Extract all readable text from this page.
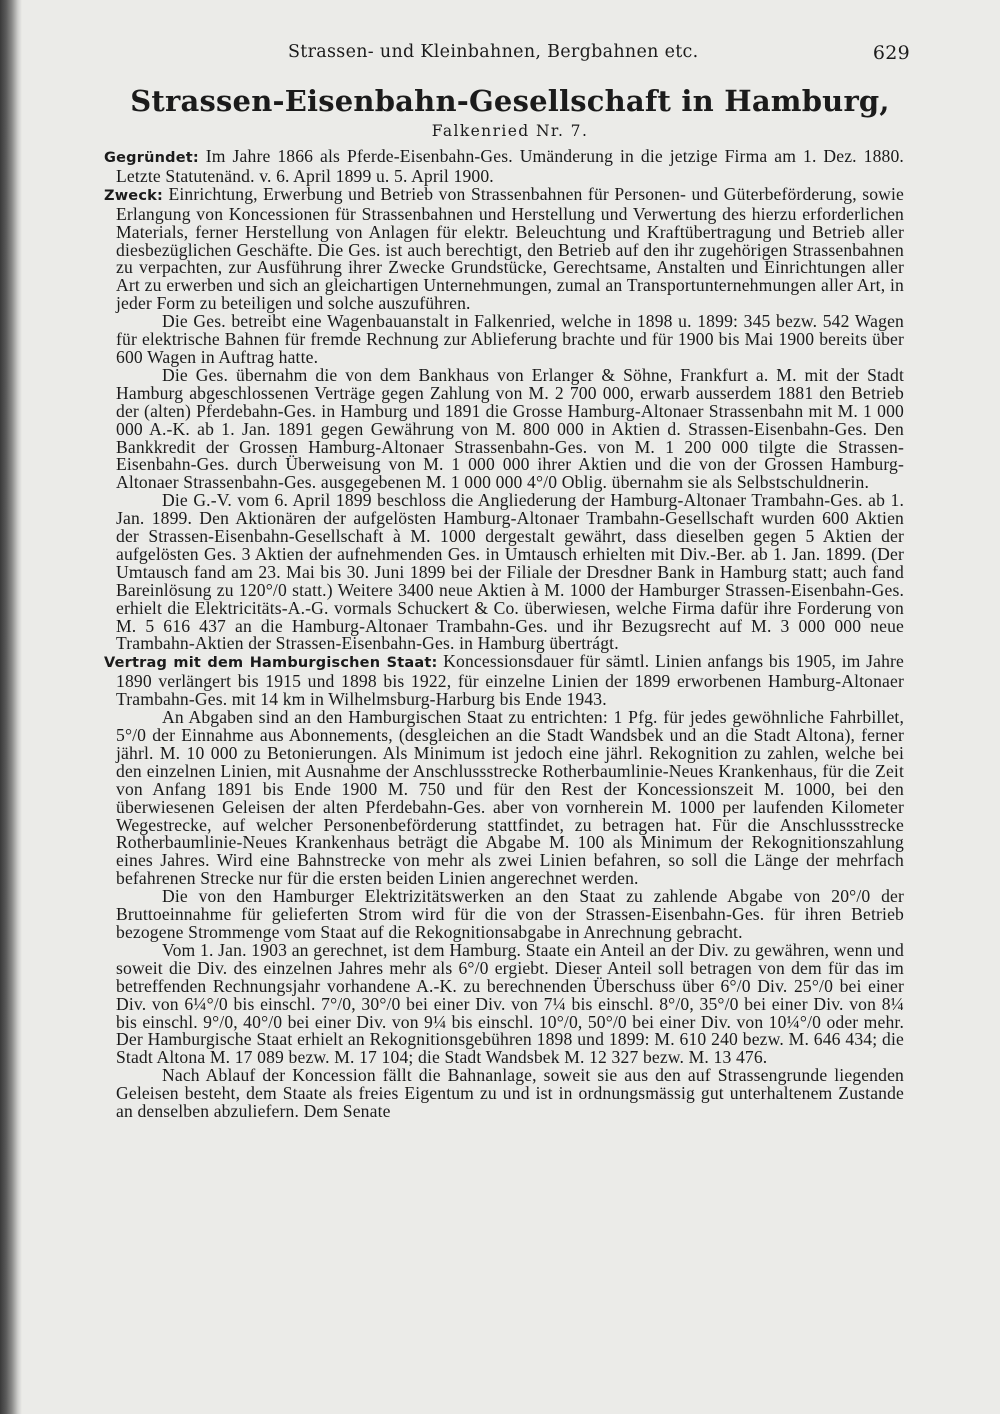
Strassen- und Kleinbahnen, Bergbahnen etc.	629
Strassen-Eisenbahn-Gesellschaft in Hamburg,
Falkenried Nr. 7.

Gegründet: Im Jahre 1866 als Pferde-Eisenbahn-Ges. Umänderung in die jetzige Firma am 1. Dez. 1880. Letzte Statutenänd. v. 6. April 1899 u. 5. April 1900.

Zweck: Einrichtung, Erwerbung und Betrieb von Strassenbahnen für Personen- und Güterbeförderung, sowie Erlangung von Koncessionen für Strassenbahnen und Herstellung und Verwertung des hierzu erforderlichen Materials, ferner Herstellung von Anlagen für elektr. Beleuchtung und Kraftübertragung und Betrieb aller diesbezüglichen Geschäfte. Die Ges. ist auch berechtigt, den Betrieb auf den ihr zugehörigen Strassenbahnen zu verpachten, zur Ausführung ihrer Zwecke Grundstücke, Gerechtsame, Anstalten und Einrichtungen aller Art zu erwerben und sich an gleichartigen Unternehmungen, zumal an Transportunternehmungen aller Art, in jeder Form zu beteiligen und solche auszuführen.

Die Ges. betreibt eine Wagenbauanstalt in Falkenried, welche in 1898 u. 1899: 345 bezw. 542 Wagen für elektrische Bahnen für fremde Rechnung zur Ablieferung brachte und für 1900 bis Mai 1900 bereits über 600 Wagen in Auftrag hatte.

Die Ges. übernahm die von dem Bankhaus von Erlanger & Söhne, Frankfurt a. M. mit der Stadt Hamburg abgeschlossenen Verträge gegen Zahlung von M. 2 700 000, erwarb ausserdem 1881 den Betrieb der (alten) Pferdebahn-Ges. in Hamburg und 1891 die Grosse Hamburg-Altonaer Strassenbahn mit M. 1 000 000 A.-K. ab 1. Jan. 1891 gegen Gewährung von M. 800 000 in Aktien d. Strassen-Eisenbahn-Ges. Den Bankkredit der Grossen Hamburg-Altonaer Strassenbahn-Ges. von M. 1 200 000 tilgte die Strassen-Eisenbahn-Ges. durch Überweisung von M. 1 000 000 ihrer Aktien und die von der Grossen Hamburg-Altonaer Strassenbahn-Ges. ausgegebenen M. 1 000 000 4°/0 Oblig. übernahm sie als Selbstschuldnerin.

Die G.-V. vom 6. April 1899 beschloss die Angliederung der Hamburg-Altonaer Trambahn-Ges. ab 1. Jan. 1899. Den Aktionären der aufgelösten Hamburg-Altonaer Trambahn-Gesellschaft wurden 600 Aktien der Strassen-Eisenbahn-Gesellschaft à M. 1000 dergestalt gewährt, dass dieselben gegen 5 Aktien der aufgelösten Ges. 3 Aktien der aufnehmenden Ges. in Umtausch erhielten mit Div.-Ber. ab 1. Jan. 1899. (Der Umtausch fand am 23. Mai bis 30. Juni 1899 bei der Filiale der Dresdner Bank in Hamburg statt; auch fand Bareinlösung zu 120°/0 statt.) Weitere 3400 neue Aktien à M. 1000 der Hamburger Strassen-Eisenbahn-Ges. erhielt die Elektricitäts-A.-G. vormals Schuckert & Co. überwiesen, welche Firma dafür ihre Forderung von M. 5 616 437 an die Hamburg-Altonaer Trambahn-Ges. und ihr Bezugsrecht auf M. 3 000 000 neue Trambahn-Aktien der Strassen-Eisenbahn-Ges. in Hamburg übertrágt.

Vertrag mit dem Hamburgischen Staat: Koncessionsdauer für sämtl. Linien anfangs bis 1905, im Jahre 1890 verlängert bis 1915 und 1898 bis 1922, für einzelne Linien der 1899 erworbenen Hamburg-Altonaer Trambahn-Ges. mit 14 km in Wilhelmsburg-Harburg bis Ende 1943.

An Abgaben sind an den Hamburgischen Staat zu entrichten: 1 Pfg. für jedes gewöhnliche Fahrbillet, 5°/0 der Einnahme aus Abonnements, (desgleichen an die Stadt Wandsbek und an die Stadt Altona), ferner jährl. M. 10 000 zu Betonierungen. Als Minimum ist jedoch eine jährl. Rekognition zu zahlen, welche bei den einzelnen Linien, mit Ausnahme der Anschlussstrecke Rotherbaumlinie-Neues Krankenhaus, für die Zeit von Anfang 1891 bis Ende 1900 M. 750 und für den Rest der Koncessionszeit M. 1000, bei den überwiesenen Geleisen der alten Pferdebahn-Ges. aber von vornherein M. 1000 per laufenden Kilometer Wegestrecke, auf welcher Personenbeförderung stattfindet, zu betragen hat. Für die Anschlussstrecke Rotherbaumlinie-Neues Krankenhaus beträgt die Abgabe M. 100 als Minimum der Rekognitionszahlung eines Jahres. Wird eine Bahnstrecke von mehr als zwei Linien befahren, so soll die Länge der mehrfach befahrenen Strecke nur für die ersten beiden Linien angerechnet werden.

Die von den Hamburger Elektrizitätswerken an den Staat zu zahlende Abgabe von 20°/0 der Bruttoeinnahme für gelieferten Strom wird für die von der Strassen-Eisenbahn-Ges. für ihren Betrieb bezogene Strommenge vom Staat auf die Rekognitionsabgabe in Anrechnung gebracht.

Vom 1. Jan. 1903 an gerechnet, ist dem Hamburg. Staate ein Anteil an der Div. zu gewähren, wenn und soweit die Div. des einzelnen Jahres mehr als 6°/0 ergiebt. Dieser Anteil soll betragen von dem für das im betreffenden Rechnungsjahr vorhandene A.-K. zu berechnenden Überschuss über 6°/0 Div. 25°/0 bei einer Div. von 6¼°/0 bis einschl. 7°/0, 30°/0 bei einer Div. von 7¼ bis einschl. 8°/0, 35°/0 bei einer Div. von 8¼ bis einschl. 9°/0, 40°/0 bei einer Div. von 9¼ bis einschl. 10°/0, 50°/0 bei einer Div. von 10¼°/0 oder mehr. Der Hamburgische Staat erhielt an Rekognitionsgebühren 1898 und 1899: M. 610 240 bezw. M. 646 434; die Stadt Altona M. 17 089 bezw. M. 17 104; die Stadt Wandsbek M. 12 327 bezw. M. 13 476.

Nach Ablauf der Koncession fällt die Bahnanlage, soweit sie aus den auf Strassengrunde liegenden Geleisen besteht, dem Staate als freies Eigentum zu und ist in ordnungsmässig gut unterhaltenem Zustande an denselben abzuliefern. Dem Senate
